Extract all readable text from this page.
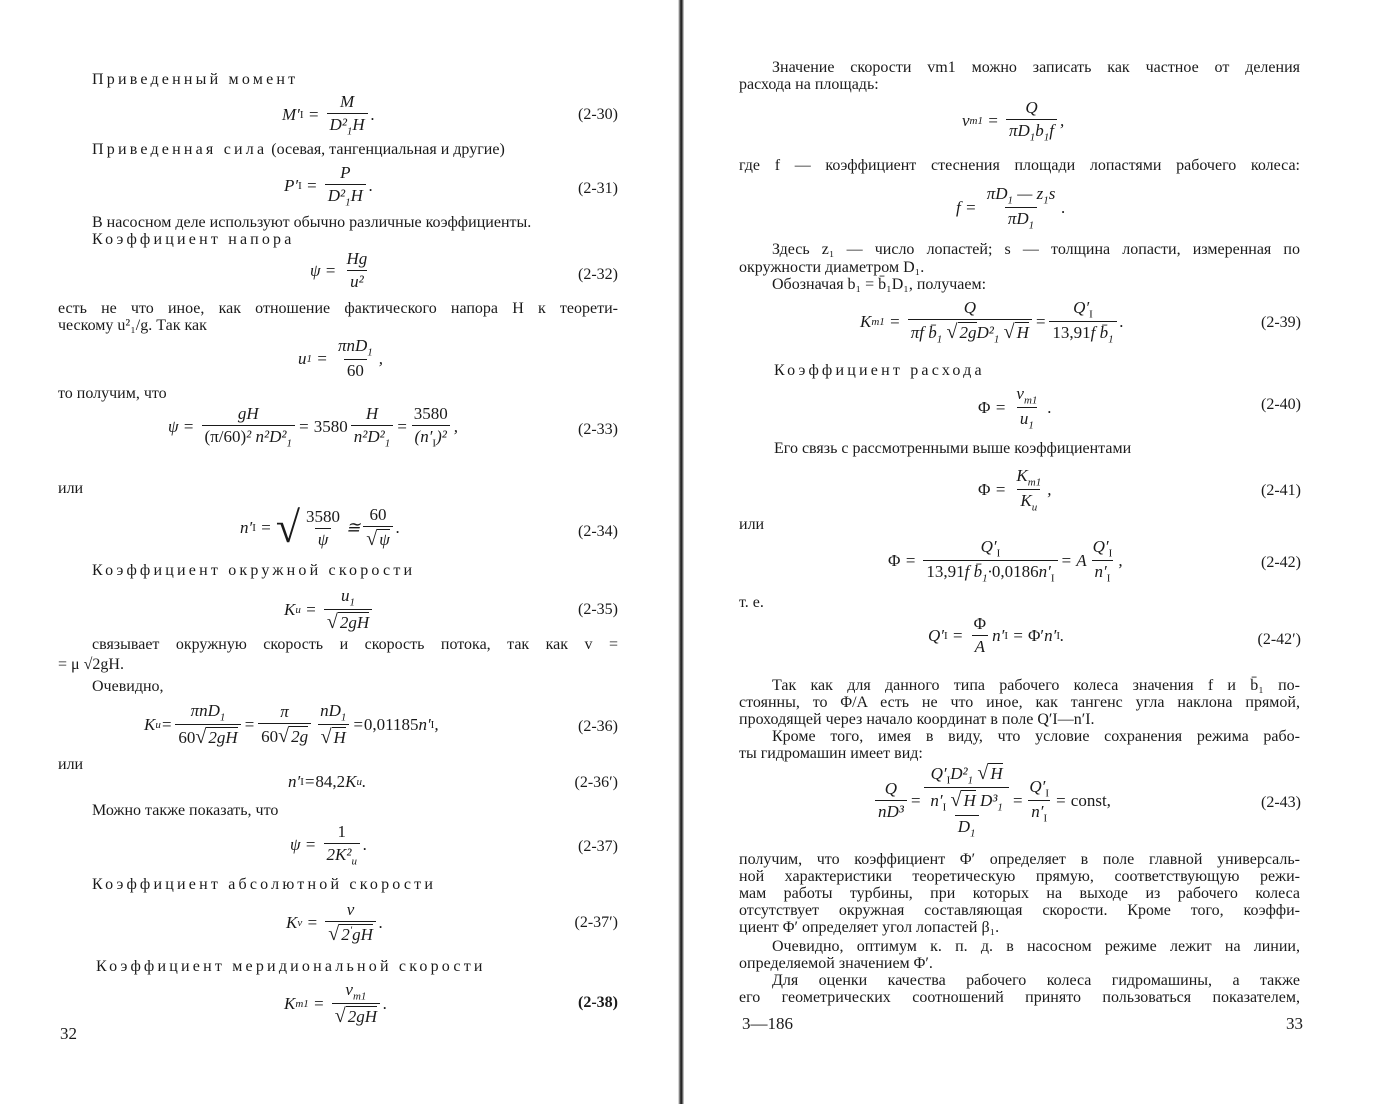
Приведенный момент
M′ $I = \frac{M}{D^2_1H}$ .	(2-30)
Приведенная сила (осевая, тангенциальная и другие)
P′ $I = \frac{P}{D^2_1H}$ .	(2-31)
В насосном деле используют обычно различные коэффициенты.
Коэффициент напора
$\psi = \frac{Hg}{\text{u²}}$	(2-32)
есть не что иное, как отношение фактического напора H к теорети-
ческому u²₁/g. Так как
u $1 = \frac{\pi nD_1}{60}$ ,
то получим, что
$\psi = \frac{gH}{(\pi/60)^2 n^2D^2_1} = 3580 \frac{H}{n^2D^2_1} = \frac{3580}{(n'_I)^2}$ ,	(2-33)
или
n′ I = √ $\frac{3580}{\psi}$ ≅ $\frac{60}{√ \psi}$ .	(2-34)
Коэффициент окружной скорости
K $u = \frac{u_1}{√ 2gH}$	(2-35)
связывает окружную скорость и скорость потока, так как v =
= μ √2gH.
Очевидно,
K $u = \frac{\pi nD_1}{60√ 2gH} = \frac{\pi}{60√ 2g} \frac{nD_1}{√ H} = 0,01185$ n′ I ,	(2-36)
или
n′ I = 84,2 K u .	(2-36′)
Можно также показать, что
$\psi = \frac{1}{2K^2_u}$ .	(2-37)
Коэффициент абсолютной скорости
K $v = \frac{v}{√ 2'gH}$ .	(2-37′)
Коэффициент меридиональной скорости
K $m1 = \frac{v_{m1}}{√ 2gH}$ .	(2-38)
32
Значение скорости vm1 можно записать как частное от деления
расхода на площадь:
v $m1 = \frac{Q}{\pi D_1b_1f}$ ,
где f — коэффициент стеснения площади лопастями рабочего колеса:
$f = \frac{\pi D_1 — z_1s}{\pi D_1}$ .
Здесь z₁ — число лопастей; s — толщина лопасти, измеренная по
окружности диаметром D₁.
Обозначая b₁ = b̄₁D₁, получаем:
K $m1 = \frac{Q}{\pi f b̄_1 √ 2gD^2_1 √ H} = \frac{Q'_I}{13,91f b̄_1}$ .	(2-39)
Коэффициент расхода
$\Phi = \frac{v_{m1}}{u_1}$ .	(2-40)
Его связь с рассмотренными выше коэффициентами
$\Phi = \frac{K_{m1}}{K_u}$ ,	(2-41)
или
$\Phi = \frac{Q'_I}{13,91f b̄_1\cdot 0,0186n'_I} = A \frac{Q'_I}{n'_I}$ ,	(2-42)
т. е.
Q′ $I = \frac{\Phi}{A} n'$ I = Φ′ n′ I .	(2-42′)
Так как для данного типа рабочего колеса значения f и b̄₁ по-
стоянны, то Φ/A есть не что иное, как тангенс угла наклона прямой,
проходящей через начало координат в поле Q′I—n′I.
Кроме того, имея в виду, что условие сохранения режима рабо-
ты гидромашин имеет вид:
$\frac{Q}{\text{nD³}} = \frac{Q'_ID^2_1 √ H}{\frac{n'_I √ H D^3_1}{D_1}} = \frac{Q'_I}{n'_I}$ = const,	(2-43)
получим, что коэффициент Φ′ определяет в поле главной универсаль-
ной характеристики теоретическую прямую, соответствующую режи-
мам работы турбины, при которых на выходе из рабочего колеса
отсутствует окружная составляющая скорости. Кроме того, коэффи-
циент Φ′ определяет угол лопастей β₁.
Очевидно, оптимум к. п. д. в насосном режиме лежит на линии,
определяемой значением Φ′.
Для оценки качества рабочего колеса гидромашины, а также
его геометрических соотношений принято пользоваться показателем,
3—186	33
